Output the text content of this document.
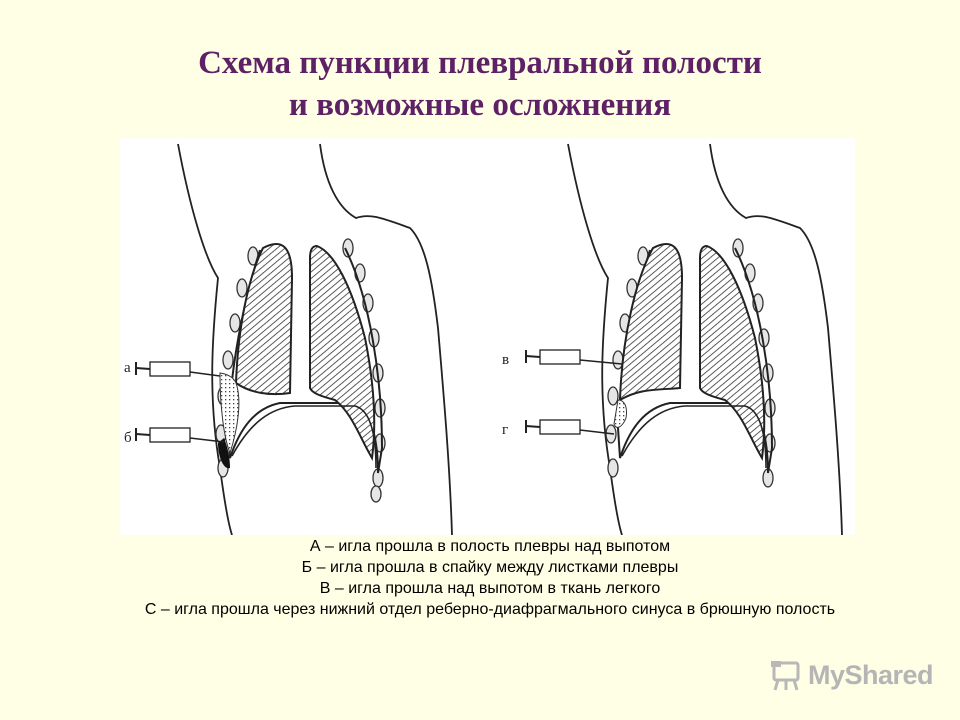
Схема пункции плевральной полости
и возможные осложнения
а
б
в
г
А – игла прошла в полость плевры над выпотом
Б – игла прошла в спайку между листками плевры
В – игла прошла над выпотом в ткань легкого
С – игла прошла через нижний отдел реберно-диафрагмального синуса в брюшную полость
MyShared
